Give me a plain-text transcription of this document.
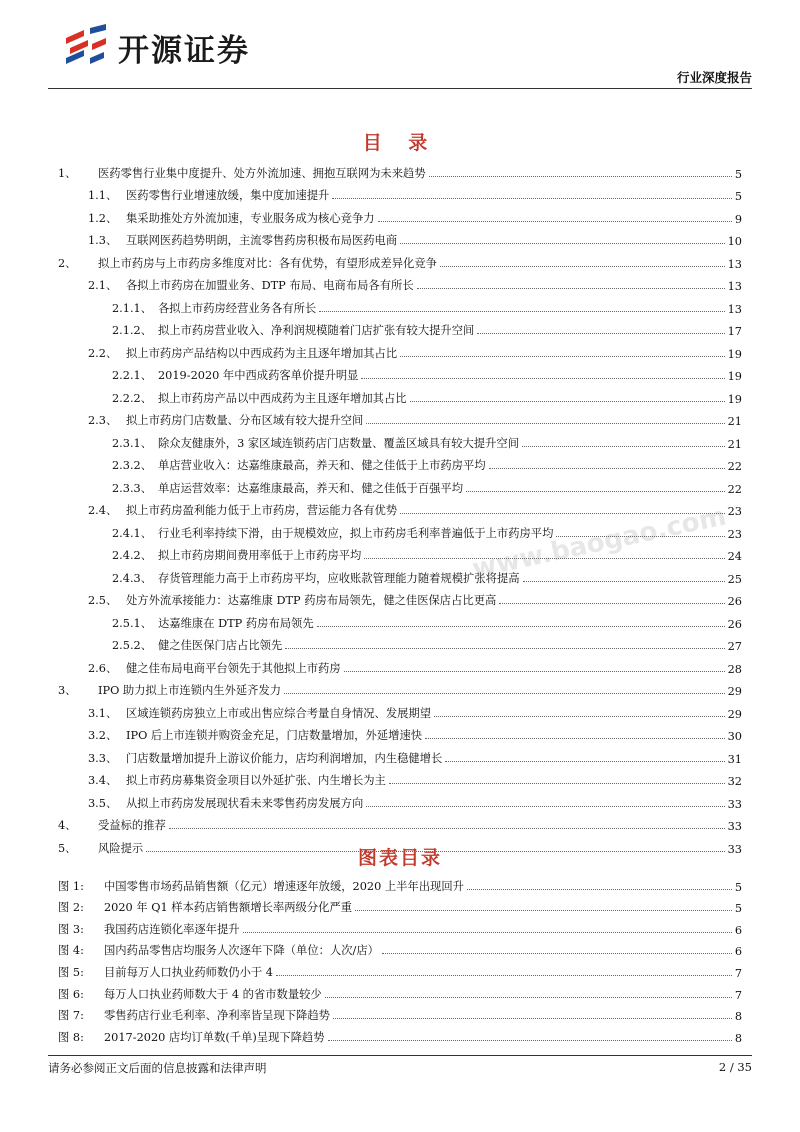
开源证券
行业深度报告
目 录
1、	医药零售行业集中度提升、处方外流加速、拥抱互联网为未来趋势	5
1.1、 医药零售行业增速放缓，集中度加速提升	5
1.2、 集采助推处方外流加速，专业服务成为核心竞争力	9
1.3、 互联网医药趋势明朗，主流零售药房积极布局医药电商	10
2、	拟上市药房与上市药房多维度对比：各有优势，有望形成差异化竞争	13
2.1、 各拟上市药房在加盟业务、DTP 布局、电商布局各有所长	13
2.1.1、 各拟上市药房经营业务各有所长	13
2.1.2、 拟上市药房营业收入、净利润规模随着门店扩张有较大提升空间	17
2.2、 拟上市药房产品结构以中西成药为主且逐年增加其占比	19
2.2.1、 2019-2020 年中西成药客单价提升明显	19
2.2.2、 拟上市药房产品以中西成药为主且逐年增加其占比	19
2.3、 拟上市药房门店数量、分布区域有较大提升空间	21
2.3.1、 除众友健康外，3 家区域连锁药店门店数量、覆盖区域具有较大提升空间	21
2.3.2、 单店营业收入：达嘉维康最高，养天和、健之佳低于上市药房平均	22
2.3.3、 单店运营效率：达嘉维康最高，养天和、健之佳低于百强平均	22
2.4、 拟上市药房盈利能力低于上市药房，营运能力各有优势	23
2.4.1、 行业毛利率持续下滑，由于规模效应，拟上市药房毛利率普遍低于上市药房平均	23
2.4.2、 拟上市药房期间费用率低于上市药房平均	24
2.4.3、 存货管理能力高于上市药房平均，应收账款管理能力随着规模扩张将提高	25
2.5、 处方外流承接能力：达嘉维康 DTP 药房布局领先，健之佳医保店占比更高	26
2.5.1、 达嘉维康在 DTP 药房布局领先	26
2.5.2、 健之佳医保门店占比领先	27
2.6、 健之佳布局电商平台领先于其他拟上市药房	28
3、	IPO 助力拟上市连锁内生外延齐发力	29
3.1、 区域连锁药房独立上市或出售应综合考量自身情况、发展期望	29
3.2、 IPO 后上市连锁并购资金充足，门店数量增加，外延增速快	30
3.3、 门店数量增加提升上游议价能力，店均利润增加，内生稳健增长	31
3.4、 拟上市药房募集资金项目以外延扩张、内生增长为主	32
3.5、 从拟上市药房发展现状看未来零售药房发展方向	33
4、	受益标的推荐	33
5、	风险提示	33
图表目录
图 1:	中国零售市场药品销售额（亿元）增速逐年放缓，2020 上半年出现回升	5
图 2:	2020 年 Q1 样本药店销售额增长率两级分化严重	5
图 3:	我国药店连锁化率逐年提升	6
图 4:	国内药品零售店均服务人次逐年下降（单位：人次/店）	6
图 5:	目前每万人口执业药师数仍小于 4	7
图 6:	每万人口执业药师数大于 4 的省市数量较少	7
图 7:	零售药店行业毛利率、净利率皆呈现下降趋势	8
图 8:	2017-2020 店均订单数(千单)呈现下降趋势	8
www.baogao.com
请务必参阅正文后面的信息披露和法律声明	2 / 35
